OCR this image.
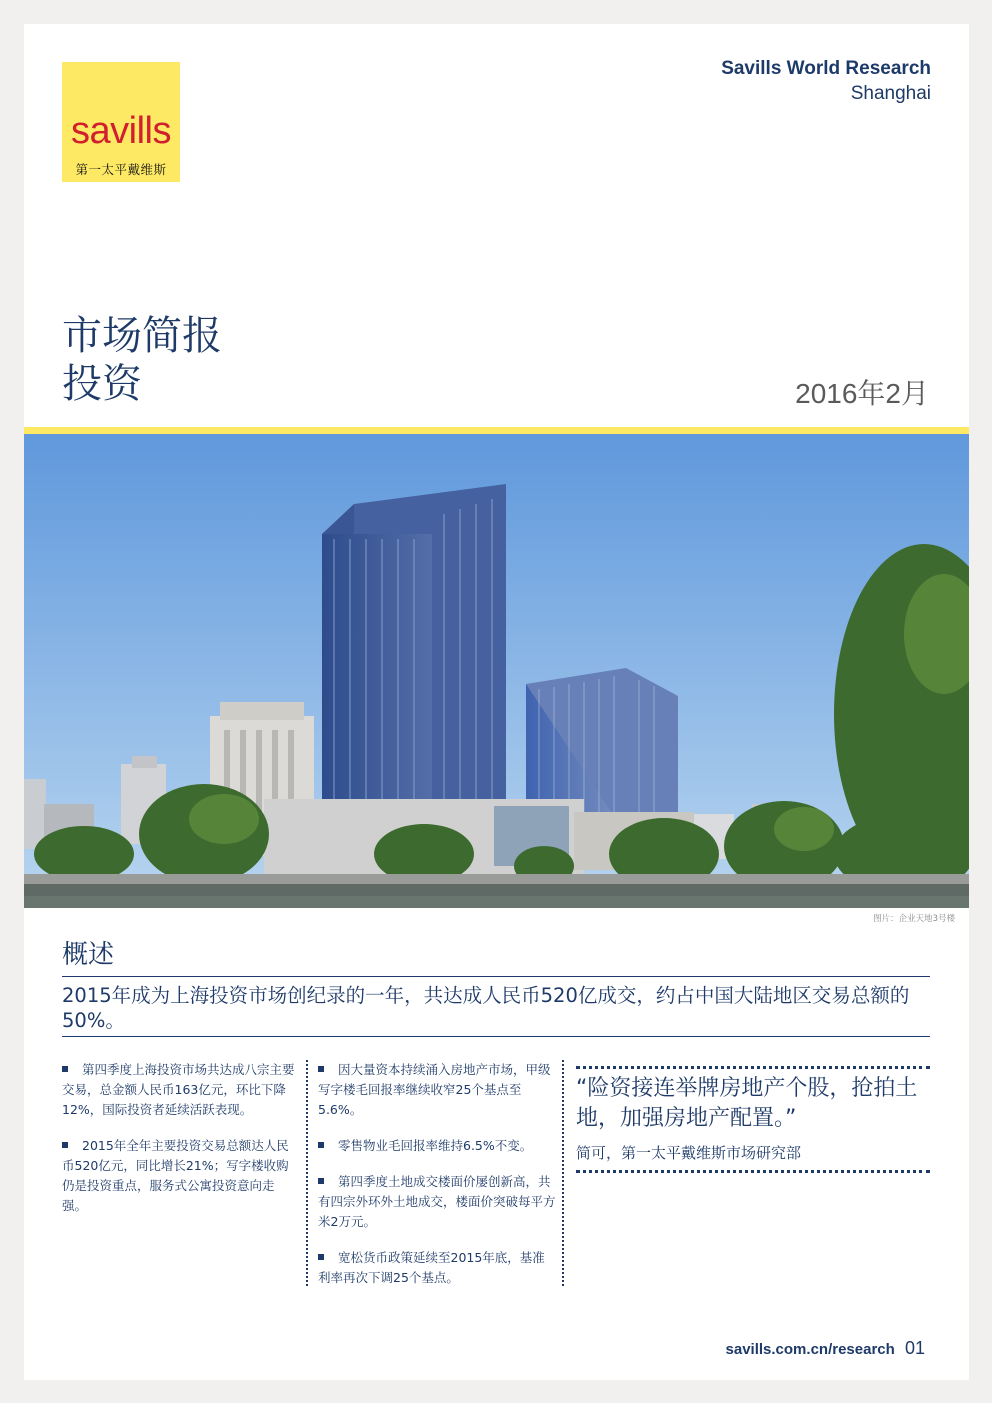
savills
第一太平戴维斯
Savills World Research
Shanghai
市场简报
投资	2016年2月
图片：企业天地3号楼
概述
2015年成为上海投资市场创纪录的一年，共达成人民币520亿成交，约占中国大陆地区交易总额的50%。
第四季度上海投资市场共达成八宗主要交易，总金额人民币163亿元，环比下降12%，国际投资者延续活跃表现。
2015年全年主要投资交易总额达人民币520亿元，同比增长21%；写字楼收购仍是投资重点，服务式公寓投资意向走强。
因大量资本持续涌入房地产市场，甲级写字楼毛回报率继续收窄25个基点至5.6%。
零售物业毛回报率维持6.5%不变。
第四季度土地成交楼面价屡创新高，共有四宗外环外土地成交，楼面价突破每平方米2万元。
宽松货币政策延续至2015年底，基准利率再次下调25个基点。
“险资接连举牌房地产个股，抢拍土地，加强房地产配置。”
简可，第一太平戴维斯市场研究部
savills.com.cn/research 01
